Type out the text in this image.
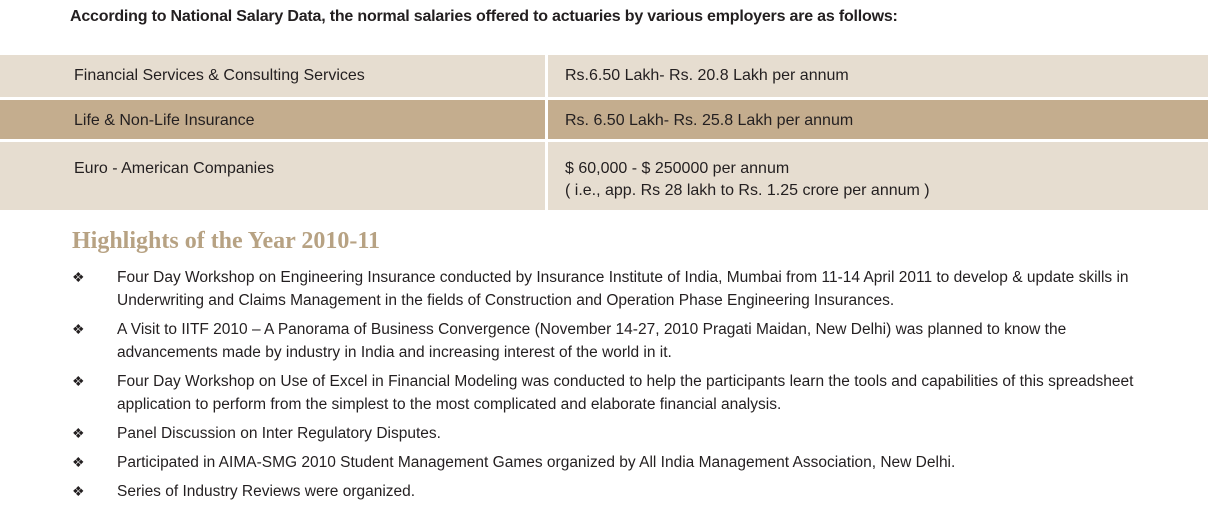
According to National Salary Data, the normal salaries offered to actuaries by various employers are as follows:
Financial Services & Consulting Services	Rs.6.50 Lakh- Rs. 20.8 Lakh per annum
Life & Non-Life Insurance	Rs. 6.50 Lakh- Rs. 25.8 Lakh per annum
Euro - American Companies	$ 60,000 - $ 250000 per annum
( i.e., app. Rs 28 lakh to Rs. 1.25 crore per annum )
Highlights of the Year 2010-11
❖	Four Day Workshop on Engineering Insurance conducted by Insurance Institute of India, Mumbai from 11-14 April 2011 to develop & update skills in Underwriting and Claims Management in the fields of Construction and Operation Phase Engineering Insurances.
❖	A Visit to IITF 2010 – A Panorama of Business Convergence (November 14-27, 2010 Pragati Maidan, New Delhi) was planned to know the advancements made by industry in India and increasing interest of the world in it.
❖	Four Day Workshop on Use of Excel in Financial Modeling was conducted to help the participants learn the tools and capabilities of this spreadsheet application to perform from the simplest to the most complicated and elaborate financial analysis.
❖	Panel Discussion on Inter Regulatory Disputes.
❖	Participated in AIMA-SMG 2010 Student Management Games organized by All India Management Association, New Delhi.
❖	Series of Industry Reviews were organized.
